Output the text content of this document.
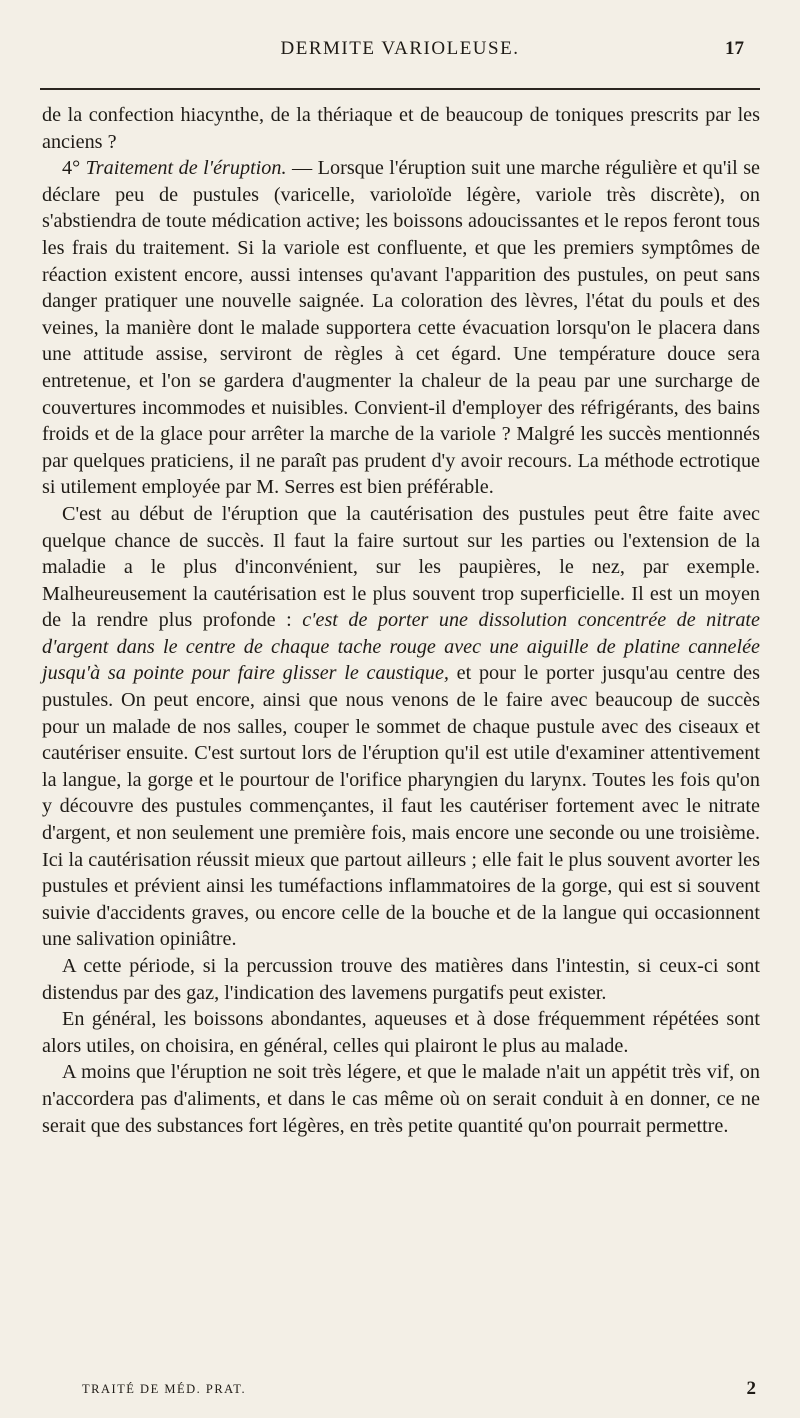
DERMITE VARIOLEUSE.	17

de la confection hiacynthe, de la thériaque et de beaucoup de toniques prescrits par les anciens ?

4° Traitement de l'éruption. — Lorsque l'éruption suit une marche régulière et qu'il se déclare peu de pustules (varicelle, varioloïde légère, variole très discrète), on s'abstiendra de toute médication active; les boissons adoucissantes et le repos feront tous les frais du traitement. Si la variole est confluente, et que les premiers symptômes de réaction existent encore, aussi intenses qu'avant l'apparition des pustules, on peut sans danger pratiquer une nouvelle saignée. La coloration des lèvres, l'état du pouls et des veines, la manière dont le malade supportera cette évacuation lorsqu'on le placera dans une attitude assise, serviront de règles à cet égard. Une température douce sera entretenue, et l'on se gardera d'augmenter la chaleur de la peau par une surcharge de couvertures incommodes et nuisibles. Convient-il d'employer des réfrigérants, des bains froids et de la glace pour arrêter la marche de la variole ? Malgré les succès mentionnés par quelques praticiens, il ne paraît pas prudent d'y avoir recours. La méthode ectrotique si utilement employée par M. Serres est bien préférable.

C'est au début de l'éruption que la cautérisation des pustules peut être faite avec quelque chance de succès. Il faut la faire surtout sur les parties ou l'extension de la maladie a le plus d'inconvénient, sur les paupières, le nez, par exemple. Malheureusement la cautérisation est le plus souvent trop superficielle. Il est un moyen de la rendre plus profonde : c'est de porter une dissolution concentrée de nitrate d'argent dans le centre de chaque tache rouge avec une aiguille de platine cannelée jusqu'à sa pointe pour faire glisser le caustique, et pour le porter jusqu'au centre des pustules. On peut encore, ainsi que nous venons de le faire avec beaucoup de succès pour un malade de nos salles, couper le sommet de chaque pustule avec des ciseaux et cautériser ensuite. C'est surtout lors de l'éruption qu'il est utile d'examiner attentivement la langue, la gorge et le pourtour de l'orifice pharyngien du larynx. Toutes les fois qu'on y découvre des pustules commençantes, il faut les cautériser fortement avec le nitrate d'argent, et non seulement une première fois, mais encore une seconde ou une troisième. Ici la cautérisation réussit mieux que partout ailleurs ; elle fait le plus souvent avorter les pustules et prévient ainsi les tuméfactions inflammatoires de la gorge, qui est si souvent suivie d'accidents graves, ou encore celle de la bouche et de la langue qui occasionnent une salivation opiniâtre.

A cette période, si la percussion trouve des matières dans l'intestin, si ceux-ci sont distendus par des gaz, l'indication des lavemens purgatifs peut exister.

En général, les boissons abondantes, aqueuses et à dose fréquemment répétées sont alors utiles, on choisira, en général, celles qui plairont le plus au malade.

A moins que l'éruption ne soit très légere, et que le malade n'ait un appétit très vif, on n'accordera pas d'aliments, et dans le cas même où on serait conduit à en donner, ce ne serait que des substances fort légères, en très petite quantité qu'on pourrait permettre.

TRAITÉ DE MÉD. PRAT.	2
